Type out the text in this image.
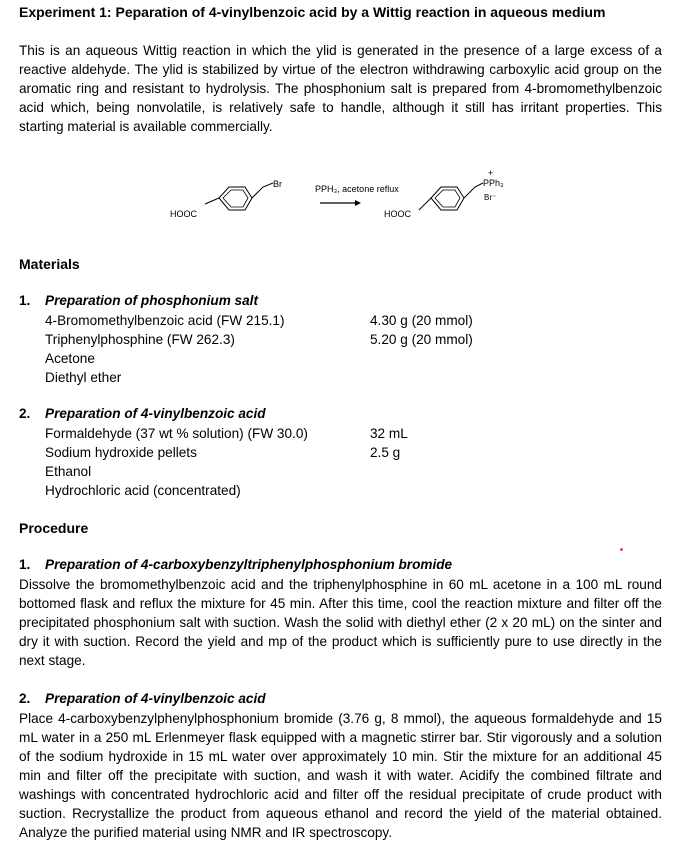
Experiment 1: Peparation of 4-vinylbenzoic acid by a Wittig reaction in aqueous medium

This is an aqueous Wittig reaction in which the ylid is generated in the presence of a large excess of a reactive aldehyde. The ylid is stabilized by virtue of the electron withdrawing carboxylic acid group on the aromatic ring and resistant to hydrolysis. The phosphonium salt is prepared from 4-bromomethylbenzoic acid which, being nonvolatile, is relatively safe to handle, although it still has irritant properties. This starting material is available commercially.

Br
HOOC
PPH₃, acetone reflux
+
PPh₃
Br⁻
HOOC
Materials
1. Preparation of phosphonium salt
4-Bromomethylbenzoic acid (FW 215.1)	4.30 g (20 mmol)
Triphenylphosphine (FW 262.3)	5.20 g (20 mmol)
Acetone
Diethyl ether
2. Preparation of 4-vinylbenzoic acid
Formaldehyde (37 wt % solution) (FW 30.0)	32 mL
Sodium hydroxide pellets	2.5 g
Ethanol
Hydrochloric acid (concentrated)
Procedure
1. Preparation of 4-carboxybenzyltriphenylphosphonium bromide

Dissolve the bromomethylbenzoic acid and the triphenylphosphine in 60 mL acetone in a 100 mL round bottomed flask and reflux the mixture for 45 min. After this time, cool the reaction mixture and filter off the precipitated phosphonium salt with suction. Wash the solid with diethyl ether (2 x 20 mL) on the sinter and dry it with suction. Record the yield and mp of the product which is sufficiently pure to use directly in the next stage.

2. Preparation of 4-vinylbenzoic acid

Place 4-carboxybenzylphenylphosphonium bromide (3.76 g, 8 mmol), the aqueous formaldehyde and 15 mL water in a 250 mL Erlenmeyer flask equipped with a magnetic stirrer bar. Stir vigorously and a solution of the sodium hydroxide in 15 mL water over approximately 10 min. Stir the mixture for an additional 45 min and filter off the precipitate with suction, and wash it with water. Acidify the combined filtrate and washings with concentrated hydrochloric acid and filter off the residual precipitate of crude product with suction. Recrystallize the product from aqueous ethanol and record the yield of the material obtained. Analyze the purified material using NMR and IR spectroscopy.
